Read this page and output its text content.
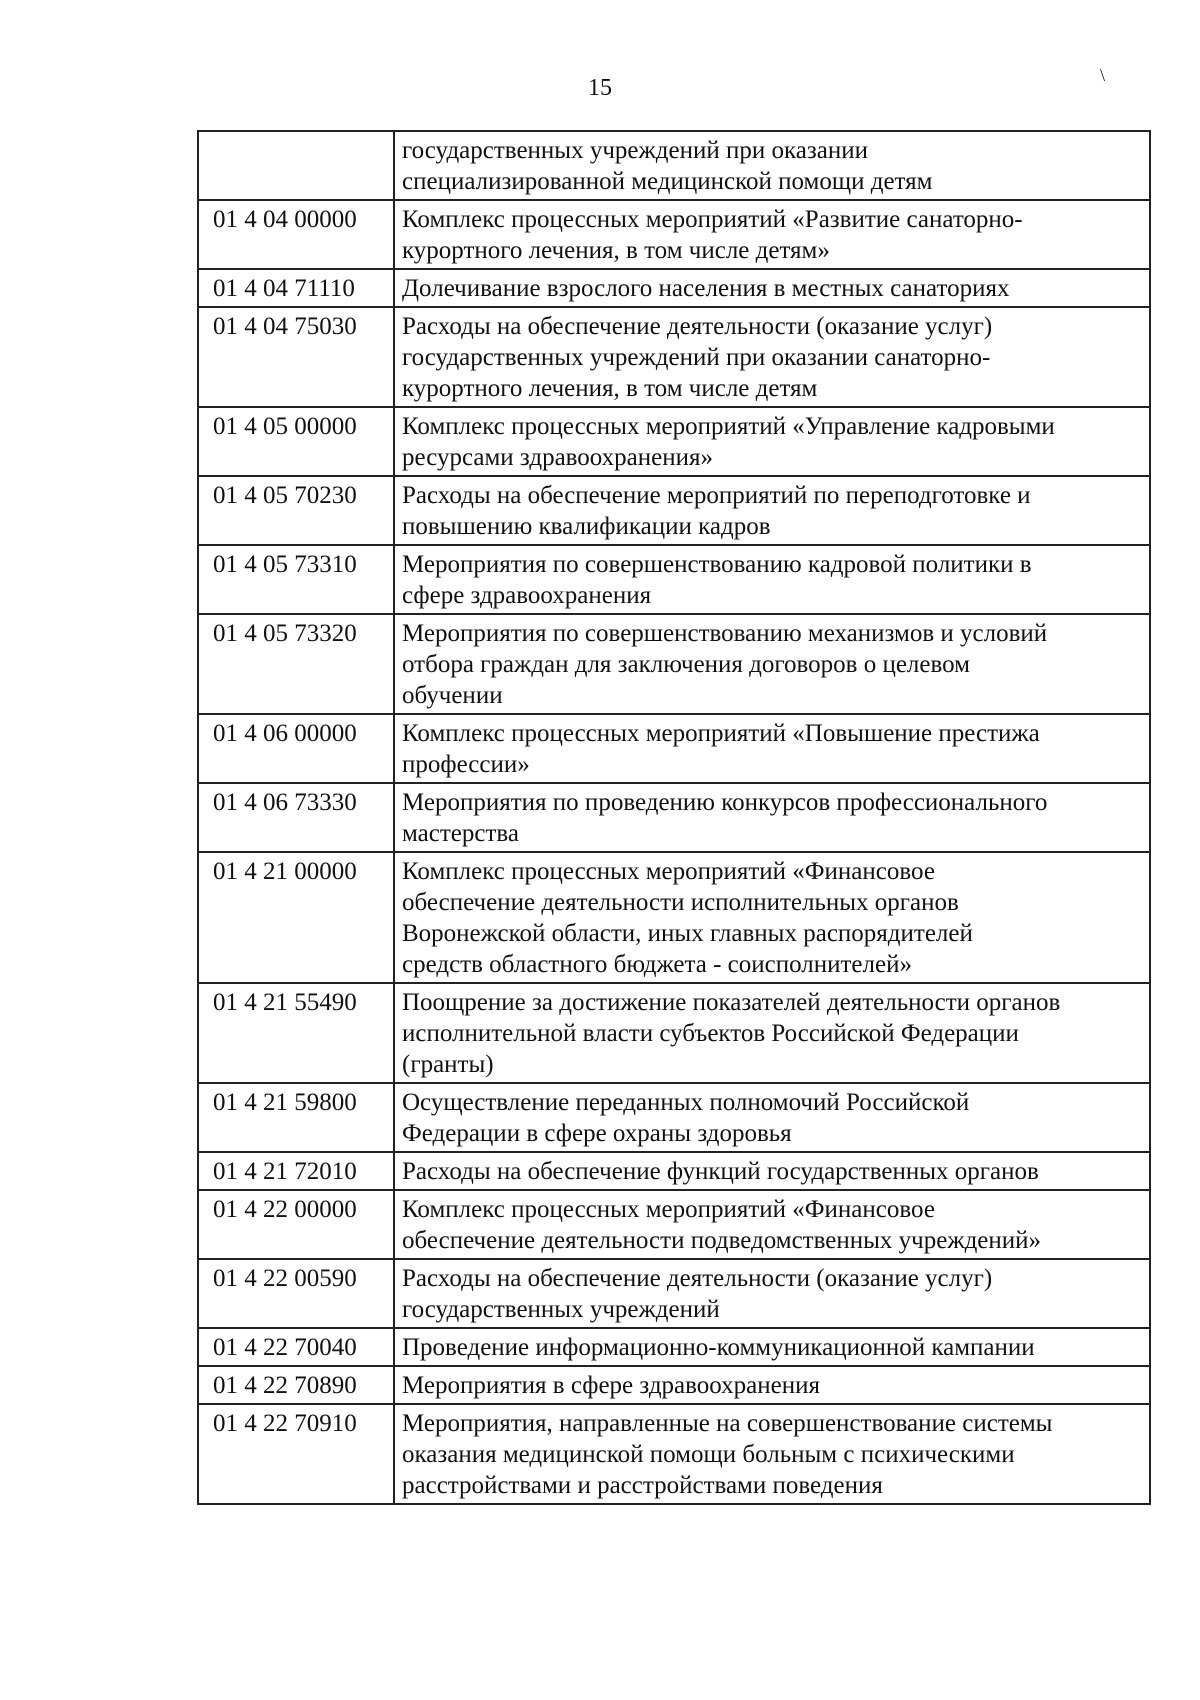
15	\
	государственных учреждений при оказании
специализированной медицинской помощи детям
01 4 04 00000	Комплекс процессных мероприятий «Развитие санаторно-
курортного лечения, в том числе детям»
01 4 04 71110	Долечивание взрослого населения в местных санаториях
01 4 04 75030	Расходы на обеспечение деятельности (оказание услуг)
государственных учреждений при оказании санаторно-
курортного лечения, в том числе детям
01 4 05 00000	Комплекс процессных мероприятий «Управление кадровыми
ресурсами здравоохранения»
01 4 05 70230	Расходы на обеспечение мероприятий по переподготовке и
повышению квалификации кадров
01 4 05 73310	Мероприятия по совершенствованию кадровой политики в
сфере здравоохранения
01 4 05 73320	Мероприятия по совершенствованию механизмов и условий
отбора граждан для заключения договоров о целевом
обучении
01 4 06 00000	Комплекс процессных мероприятий «Повышение престижа
профессии»
01 4 06 73330	Мероприятия по проведению конкурсов профессионального
мастерства
01 4 21 00000	Комплекс процессных мероприятий «Финансовое
обеспечение деятельности исполнительных органов
Воронежской области, иных главных распорядителей
средств областного бюджета - соисполнителей»
01 4 21 55490	Поощрение за достижение показателей деятельности органов
исполнительной власти субъектов Российской Федерации
(гранты)
01 4 21 59800	Осуществление переданных полномочий Российской
Федерации в сфере охраны здоровья
01 4 21 72010	Расходы на обеспечение функций государственных органов
01 4 22 00000	Комплекс процессных мероприятий «Финансовое
обеспечение деятельности подведомственных учреждений»
01 4 22 00590	Расходы на обеспечение деятельности (оказание услуг)
государственных учреждений
01 4 22 70040	Проведение информационно-коммуникационной кампании
01 4 22 70890	Мероприятия в сфере здравоохранения
01 4 22 70910	Мероприятия, направленные на совершенствование системы
оказания медицинской помощи больным с психическими
расстройствами и расстройствами поведения
